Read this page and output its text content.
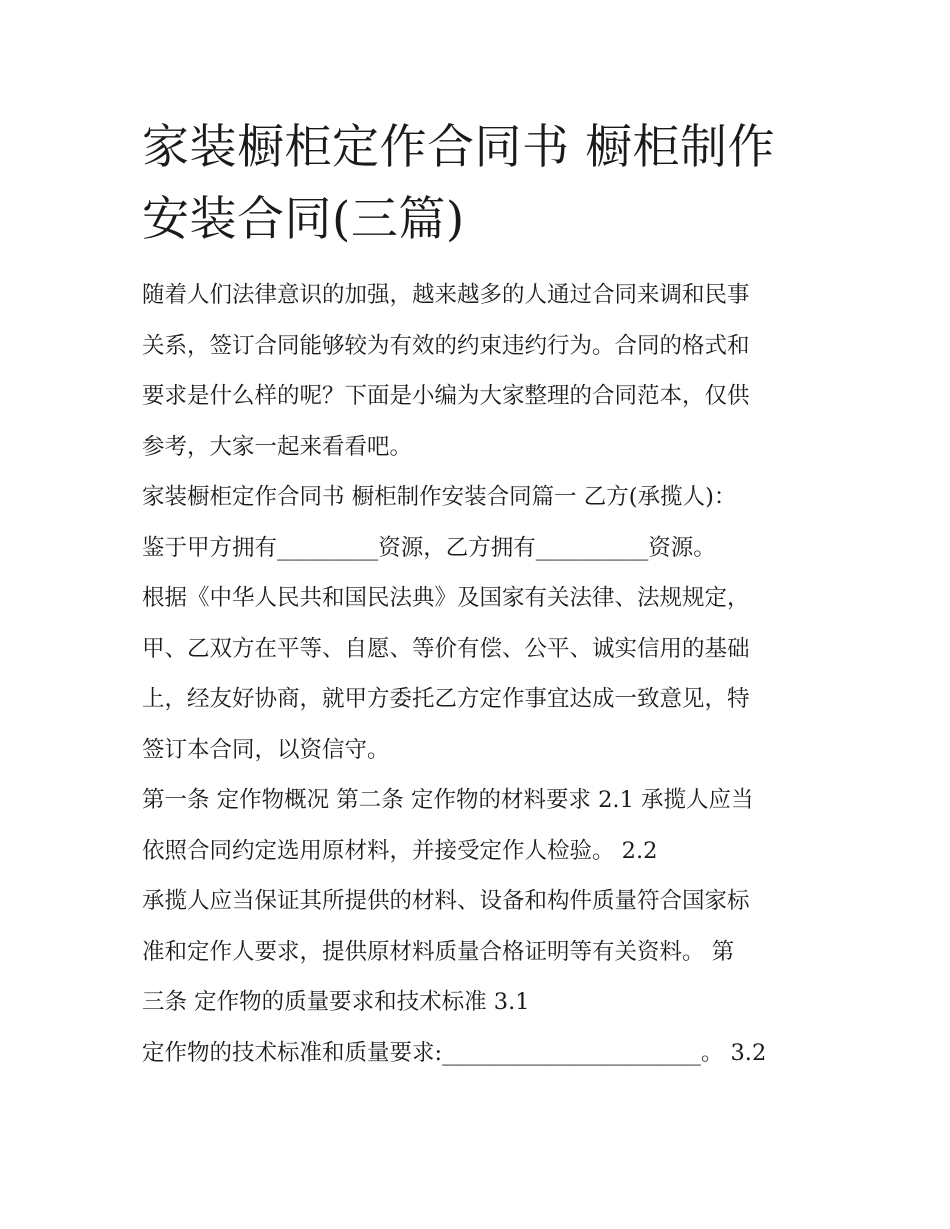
家装橱柜定作合同书 橱柜制作
安装合同(三篇)

随着人们法律意识的加强，越来越多的人通过合同来调和民事

关系，签订合同能够较为有效的约束违约行为。合同的格式和

要求是什么样的呢？下面是小编为大家整理的合同范本，仅供

参考，大家一起来看看吧。

家装橱柜定作合同书 橱柜制作安装合同篇一 乙方(承揽人)：

鉴于甲方拥有_________资源，乙方拥有__________资源。

根据《中华人民共和国民法典》及国家有关法律、法规规定，

甲、乙双方在平等、自愿、等价有偿、公平、诚实信用的基础

上，经友好协商，就甲方委托乙方定作事宜达成一致意见，特

签订本合同，以资信守。

第一条 定作物概况 第二条 定作物的材料要求 2.1 承揽人应当

依照合同约定选用原材料，并接受定作人检验。 2.2

承揽人应当保证其所提供的材料、设备和构件质量符合国家标

准和定作人要求，提供原材料质量合格证明等有关资料。 第

三条 定作物的质量要求和技术标准 3.1

定作物的技术标准和质量要求:_______________________。 3.2
